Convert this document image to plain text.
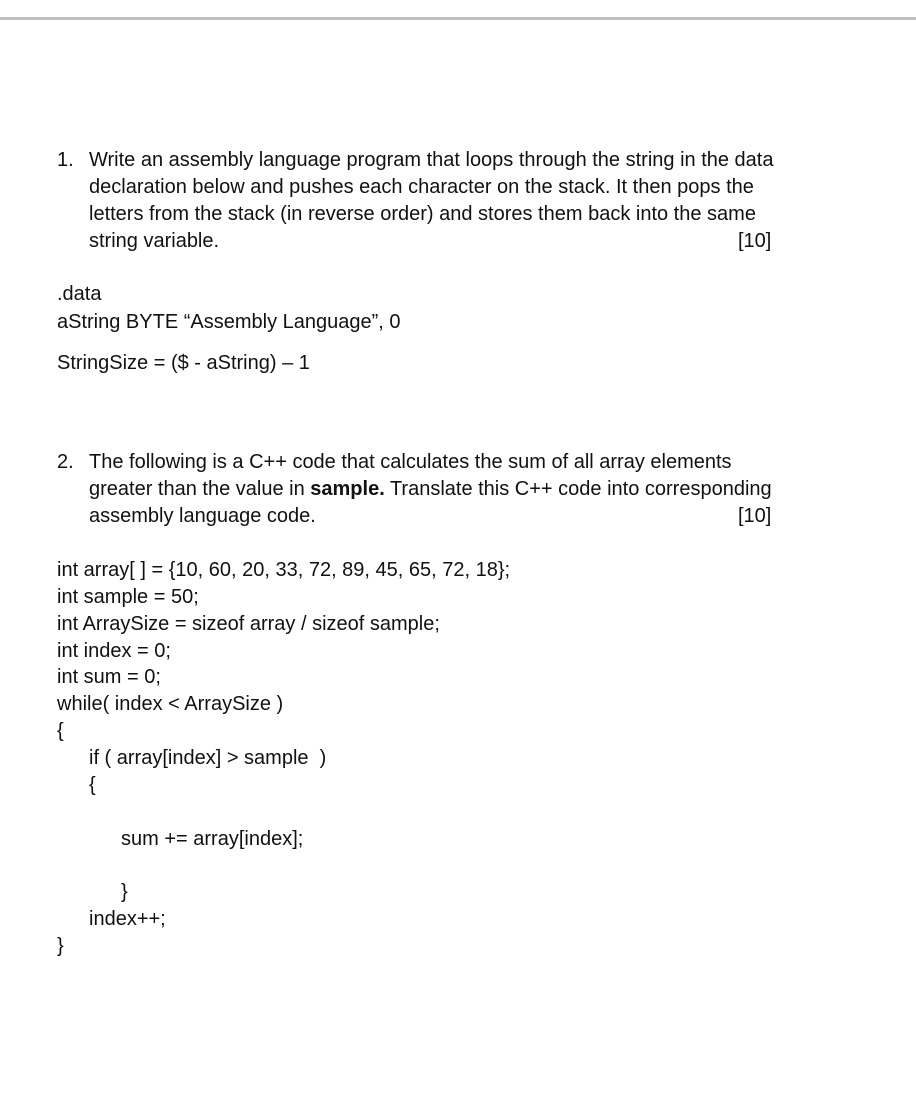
1. Write an assembly language program that loops through the string in the data
declaration below and pushes each character on the stack. It then pops the
letters from the stack (in reverse order) and stores them back into the same
string variable.	[10]
.data
aString BYTE “Assembly Language”, 0
StringSize = ($ - aString) – 1
2. The following is a C++ code that calculates the sum of all array elements
greater than the value in sample. Translate this C++ code into corresponding
assembly language code.	[10]
int array[ ] = {10, 60, 20, 33, 72, 89, 45, 65, 72, 18};
int sample = 50;
int ArraySize = sizeof array / sizeof sample;
int index = 0;
int sum = 0;
while( index < ArraySize )
{
if ( array[index] > sample  )
{
sum += array[index];
}
index++;
}
